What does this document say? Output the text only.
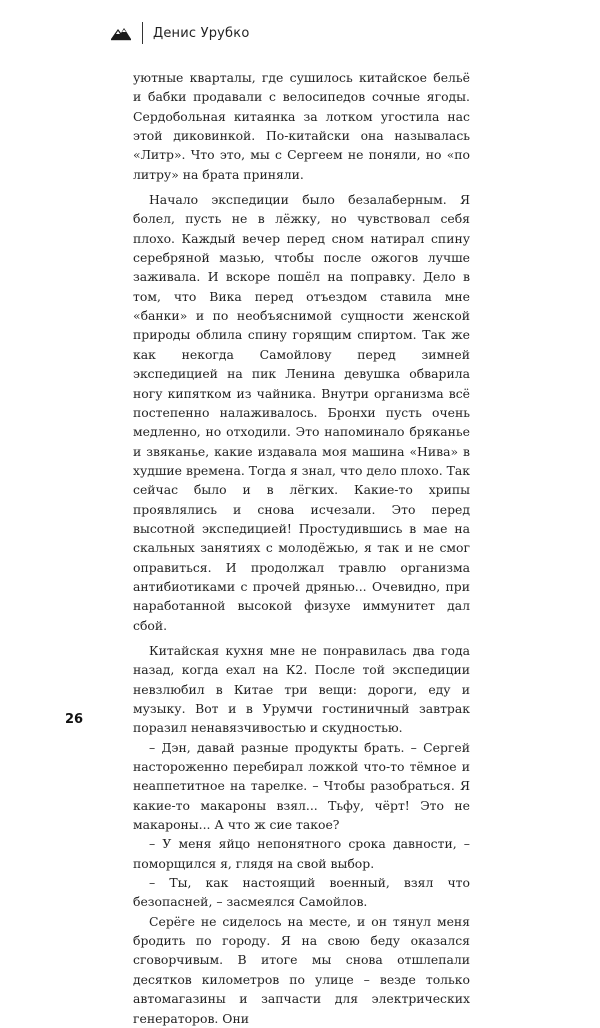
Денис Урубко

уютные кварталы, где сушилось китайское бельё и бабки продавали с велосипедов сочные ягоды. Сердобольная китаянка за лотком угостила нас этой диковинкой. По-китайски она называлась «Литр». Что это, мы с Сергеем не поняли, но «по литру» на брата приняли.

Начало экспедиции было безалаберным. Я болел, пусть не в лёжку, но чувствовал себя плохо. Каждый вечер перед сном натирал спину серебряной мазью, чтобы после ожогов лучше заживала. И вскоре пошёл на поправку. Дело в том, что Вика перед отъездом ставила мне «банки» и по необъяснимой сущности женской природы облила спину горящим спиртом. Так же как некогда Самойлову перед зимней экспедицией на пик Ленина девушка обварила ногу кипятком из чайника. Внутри организма всё постепенно налаживалось. Бронхи пусть очень медленно, но отходили. Это напоминало бряканье и звяканье, какие издавала моя машина «Нива» в худшие времена. Тогда я знал, что дело плохо. Так сейчас было и в лёгких. Какие-то хрипы проявлялись и снова исчезали. Это перед высотной экспедицией! Простудившись в мае на скальных занятиях с молодёжью, я так и не смог оправиться. И продолжал травлю организма антибиотиками с прочей дрянью... Очевидно, при наработанной высокой физухе иммунитет дал сбой.

Китайская кухня мне не понравилась два года назад, когда ехал на К2. После той экспедиции невзлюбил в Китае три вещи: дороги, еду и музыку. Вот и в Урумчи гостиничный завтрак поразил ненавязчивостью и скудностью.

– Дэн, давай разные продукты брать. – Сергей настороженно перебирал ложкой что-то тёмное и неаппетитное на тарелке. – Чтобы разобраться. Я какие-то макароны взял... Тьфу, чёрт! Это не макароны... А что ж сие такое?

– У меня яйцо непонятного срока давности, – поморщился я, глядя на свой выбор.

– Ты, как настоящий военный, взял что безопасней, – засмеялся Самойлов.

Серёге не сиделось на месте, и он тянул меня бродить по городу. Я на свою беду оказался сговорчивым. В итоге мы снова отшлепали десятков километров по улице – везде только автомагазины и запчасти для электрических генераторов. Они

26
